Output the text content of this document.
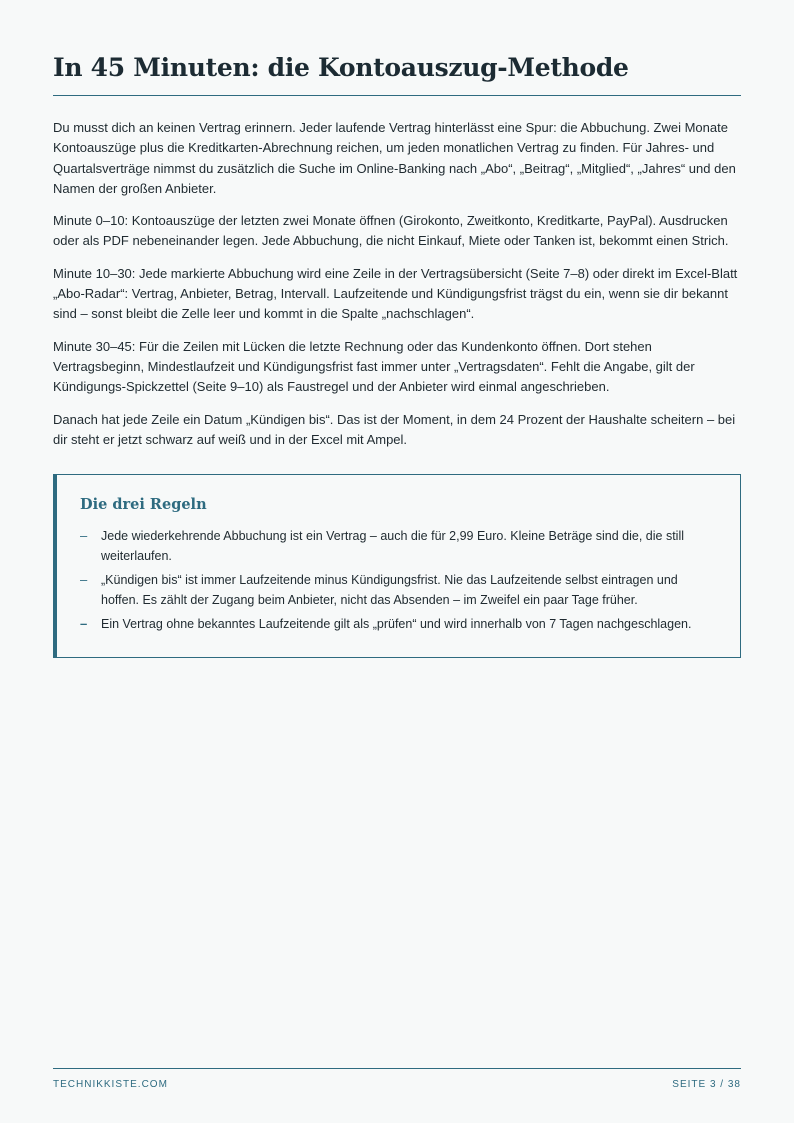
In 45 Minuten: die Kontoauszug-Methode

Du musst dich an keinen Vertrag erinnern. Jeder laufende Vertrag hinterlässt eine Spur: die Abbuchung. Zwei Monate Kontoauszüge plus die Kreditkarten-Abrechnung reichen, um jeden monatlichen Vertrag zu finden. Für Jahres- und Quartalsverträge nimmst du zusätzlich die Suche im Online-Banking nach „Abo“, „Beitrag“, „Mitglied“, „Jahres“ und den Namen der großen Anbieter.

Minute 0–10: Kontoauszüge der letzten zwei Monate öffnen (Girokonto, Zweitkonto, Kreditkarte, PayPal). Ausdrucken oder als PDF nebeneinander legen. Jede Abbuchung, die nicht Einkauf, Miete oder Tanken ist, bekommt einen Strich.

Minute 10–30: Jede markierte Abbuchung wird eine Zeile in der Vertragsübersicht (Seite 7–8) oder direkt im Excel-Blatt „Abo-Radar“: Vertrag, Anbieter, Betrag, Intervall. Laufzeitende und Kündigungsfrist trägst du ein, wenn sie dir bekannt sind – sonst bleibt die Zelle leer und kommt in die Spalte „nachschlagen“.

Minute 30–45: Für die Zeilen mit Lücken die letzte Rechnung oder das Kundenkonto öffnen. Dort stehen Vertragsbeginn, Mindestlaufzeit und Kündigungsfrist fast immer unter „Vertragsdaten“. Fehlt die Angabe, gilt der Kündigungs-Spickzettel (Seite 9–10) als Faustregel und der Anbieter wird einmal angeschrieben.

Danach hat jede Zeile ein Datum „Kündigen bis“. Das ist der Moment, in dem 24 Prozent der Haushalte scheitern – bei dir steht er jetzt schwarz auf weiß und in der Excel mit Ampel.

Die drei Regeln
– Jede wiederkehrende Abbuchung ist ein Vertrag – auch die für 2,99 Euro. Kleine Beträge sind die, die still weiterlaufen.
– „Kündigen bis“ ist immer Laufzeitende minus Kündigungsfrist. Nie das Laufzeitende selbst eintragen und hoffen. Es zählt der Zugang beim Anbieter, nicht das Absenden – im Zweifel ein paar Tage früher.
– Ein Vertrag ohne bekanntes Laufzeitende gilt als „prüfen“ und wird innerhalb von 7 Tagen nachgeschlagen.
TECHNIKKISTE.COM	SEITE 3 / 38
